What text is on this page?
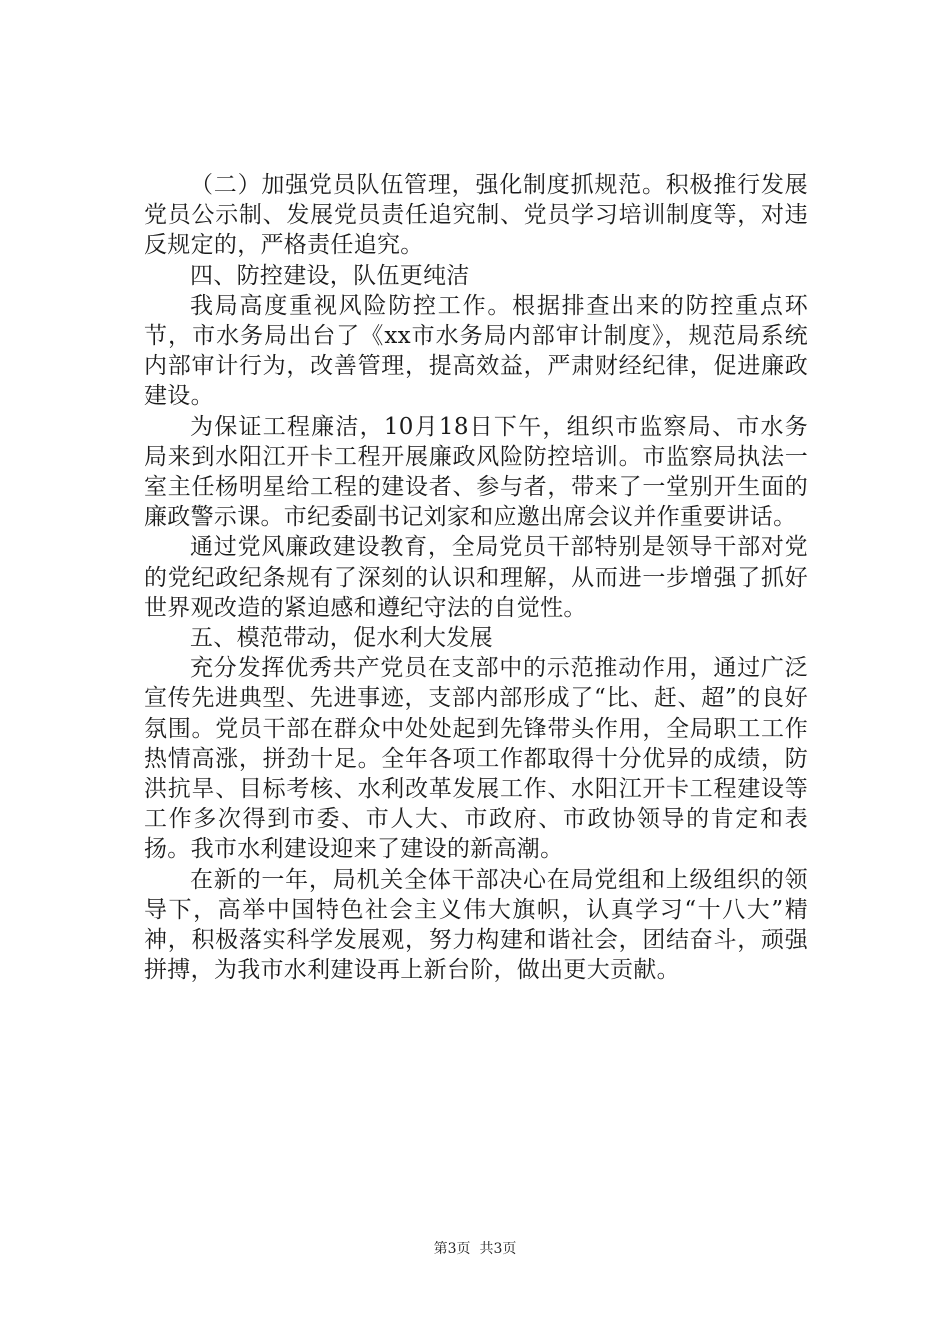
（二）加强党员队伍管理，强化制度抓规范。积极推行发展党员公示制、发展党员责任追究制、党员学习培训制度等，对违反规定的，严格责任追究。

四、防控建设，队伍更纯洁

我局高度重视风险防控工作。根据排查出来的防控重点环节，市水务局出台了《xx市水务局内部审计制度》，规范局系统内部审计行为，改善管理，提高效益，严肃财经纪律，促进廉政建设。

为保证工程廉洁，10月18日下午，组织市监察局、市水务局来到水阳江开卡工程开展廉政风险防控培训。市监察局执法一室主任杨明星给工程的建设者、参与者，带来了一堂别开生面的廉政警示课。市纪委副书记刘家和应邀出席会议并作重要讲话。

通过党风廉政建设教育，全局党员干部特别是领导干部对党的党纪政纪条规有了深刻的认识和理解，从而进一步增强了抓好世界观改造的紧迫感和遵纪守法的自觉性。

五、模范带动，促水利大发展

充分发挥优秀共产党员在支部中的示范推动作用，通过广泛宣传先进典型、先进事迹，支部内部形成了“比、赶、超”的良好氛围。党员干部在群众中处处起到先锋带头作用，全局职工工作热情高涨，拼劲十足。全年各项工作都取得十分优异的成绩，防洪抗旱、目标考核、水利改革发展工作、水阳江开卡工程建设等工作多次得到市委、市人大、市政府、市政协领导的肯定和表扬。我市水利建设迎来了建设的新高潮。

在新的一年，局机关全体干部决心在局党组和上级组织的领导下，高举中国特色社会主义伟大旗帜，认真学习“十八大”精神，积极落实科学发展观，努力构建和谐社会，团结奋斗，顽强拼搏，为我市水利建设再上新台阶，做出更大贡献。

第3页  共3页
